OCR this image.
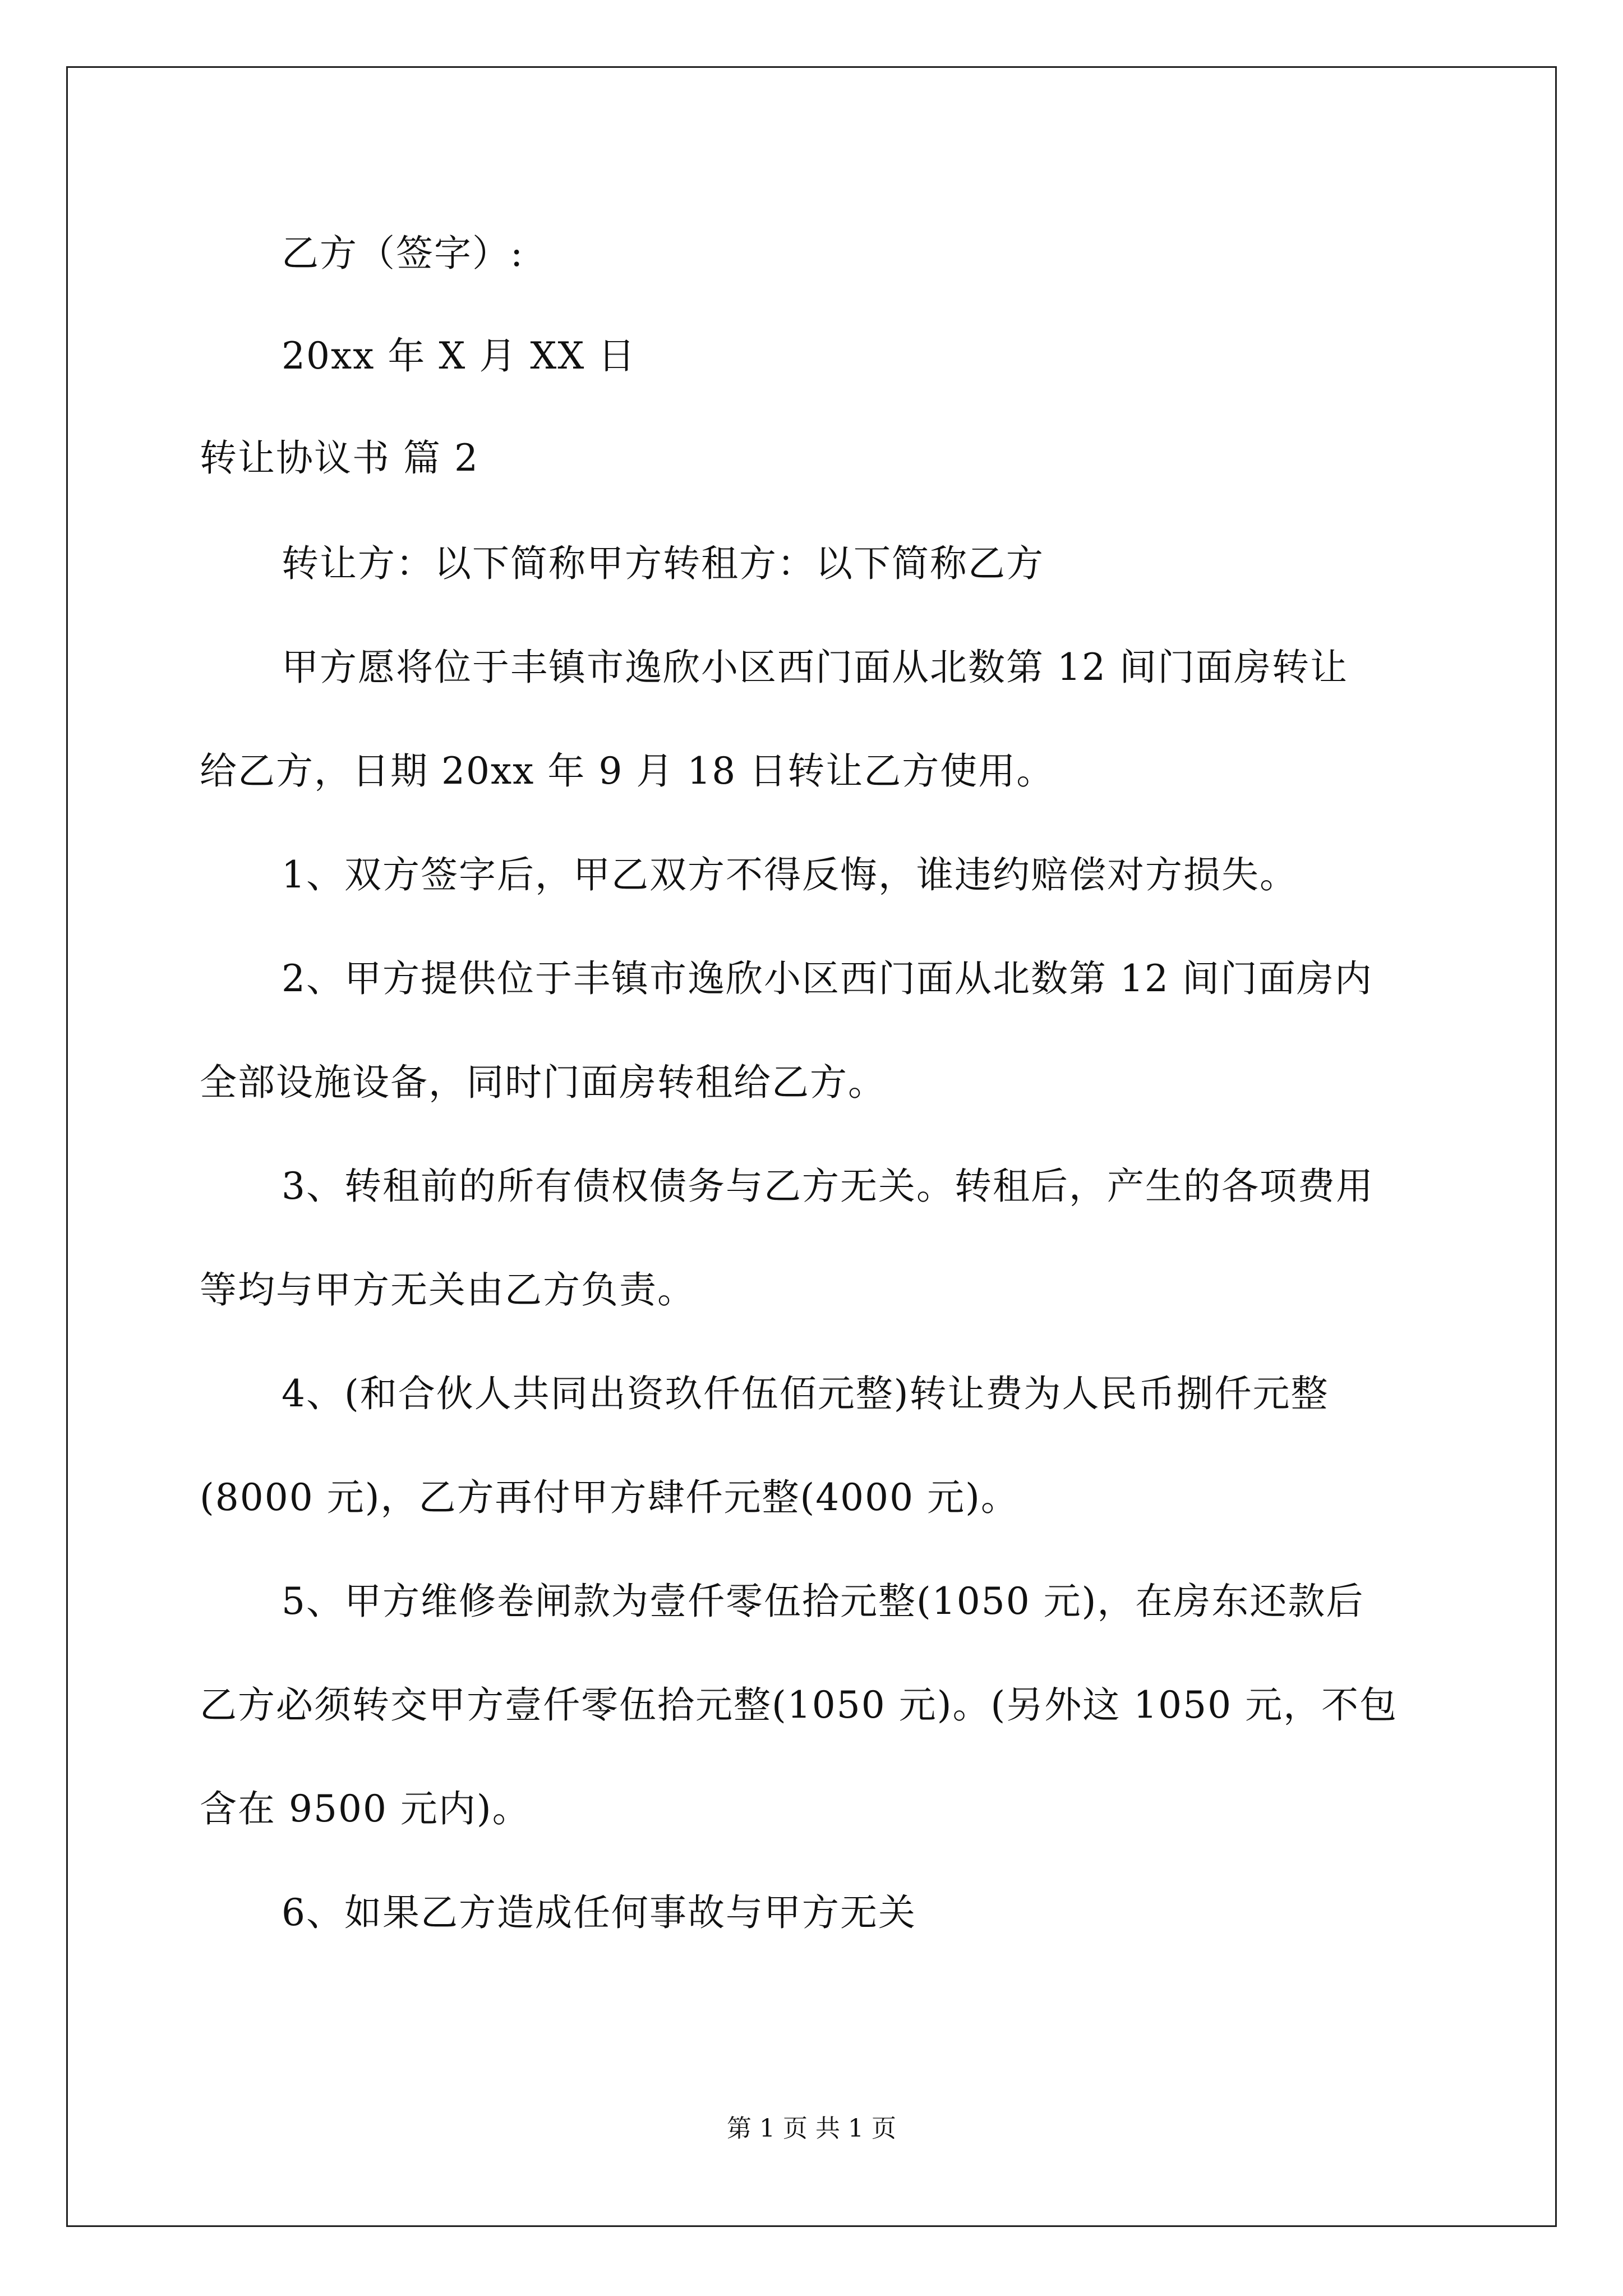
乙方（签字）:
20xx 年 X 月 XX 日
转让协议书 篇 2
转让方：以下简称甲方转租方：以下简称乙方
甲方愿将位于丰镇市逸欣小区西门面从北数第 12 间门面房转让
给乙方，日期 20xx 年 9 月 18 日转让乙方使用。
1、双方签字后，甲乙双方不得反悔，谁违约赔偿对方损失。
2、甲方提供位于丰镇市逸欣小区西门面从北数第 12 间门面房内
全部设施设备，同时门面房转租给乙方。
3、转租前的所有债权债务与乙方无关。转租后，产生的各项费用
等均与甲方无关由乙方负责。
4、(和合伙人共同出资玖仟伍佰元整)转让费为人民币捌仟元整
(8000 元)，乙方再付甲方肆仟元整(4000 元)。
5、甲方维修卷闸款为壹仟零伍拾元整(1050 元)，在房东还款后
乙方必须转交甲方壹仟零伍拾元整(1050 元)。(另外这 1050 元，不包
含在 9500 元内)。
6、如果乙方造成任何事故与甲方无关
第 1 页 共 1 页
